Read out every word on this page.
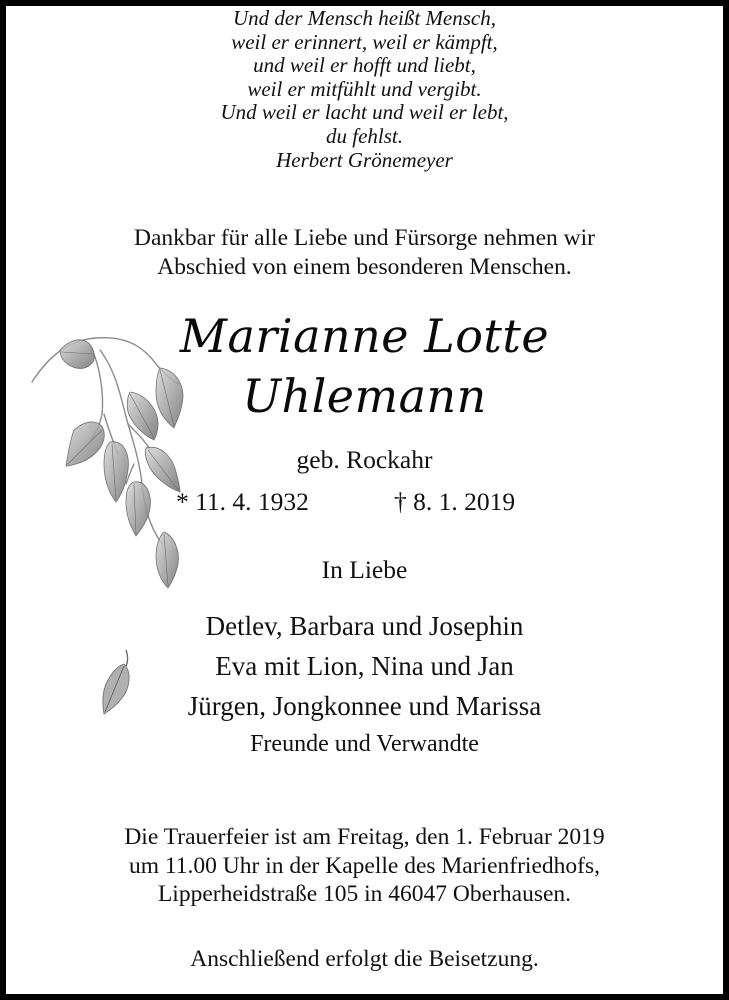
Und der Mensch heißt Mensch,
weil er erinnert, weil er kämpft,
und weil er hofft und liebt,
weil er mitfühlt und vergibt.
Und weil er lacht und weil er lebt,
du fehlst.
Herbert Grönemeyer
Dankbar für alle Liebe und Fürsorge nehmen wir
Abschied von einem besonderen Menschen.
Marianne Lotte
Uhlemann
geb. Rockahr
* 11. 4. 1932	† 8. 1. 2019
In Liebe
Detlev, Barbara und Josephin
Eva mit Lion, Nina und Jan
Jürgen, Jongkonnee und Marissa
Freunde und Verwandte
Die Trauerfeier ist am Freitag, den 1. Februar 2019
um 11.00 Uhr in der Kapelle des Marienfriedhofs,
Lipperheidstraße 105 in 46047 Oberhausen.
Anschließend erfolgt die Beisetzung.
